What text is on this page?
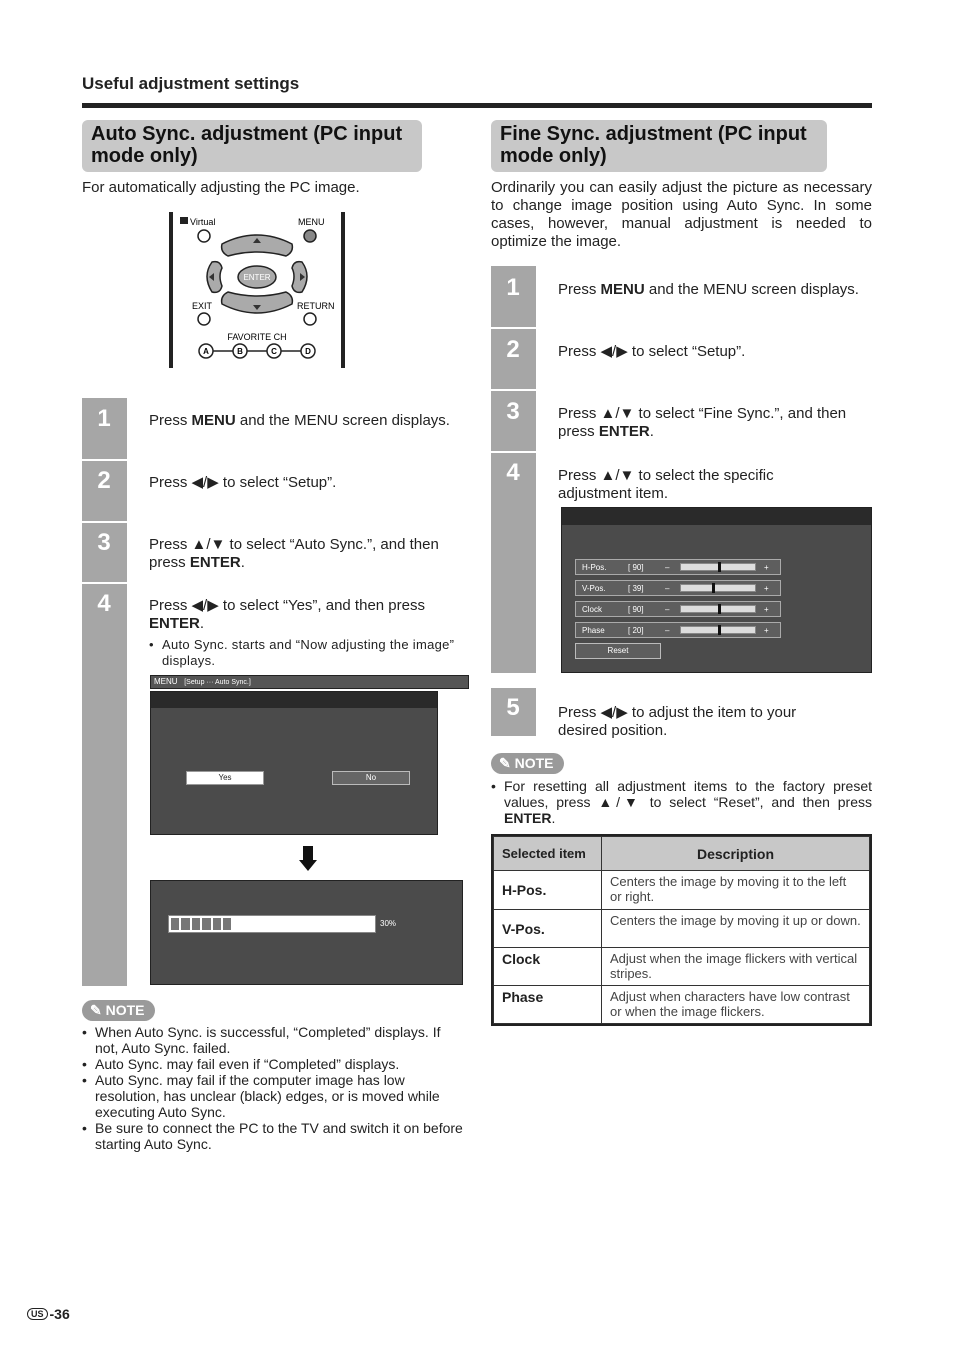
Useful adjustment settings
Auto Sync. adjustment (PC input mode only)
For automatically adjusting the PC image.
Virtual	MENU
ENTER
EXIT	RETURN
FAVORITE CH
A	B	C	D
1
2
3
4
Press MENU and the MENU screen displays.
Press ◀/▶ to select “Setup”.
Press ▲/▼ to select “Auto Sync.”, and then press ENTER.
Press ◀/▶ to select “Yes”, and then press ENTER.
• Auto Sync. starts and “Now adjusting the image” displays.
MENU [Setup ··· Auto Sync.]
Yes	No
30%
✎ NOTE
• When Auto Sync. is successful, “Completed” displays. If not, Auto Sync. failed.
• Auto Sync. may fail even if “Completed” displays.
• Auto Sync. may fail if the computer image has low resolution, has unclear (black) edges, or is moved while executing Auto Sync.
• Be sure to connect the PC to the TV and switch it on before starting Auto Sync.
Fine Sync. adjustment (PC input mode only)
Ordinarily you can easily adjust the picture as necessary to change image position using Auto Sync. In some cases, however, manual adjustment is needed to optimize the image.
1
2
3
4
5
Press MENU and the MENU screen displays.
Press ◀/▶ to select “Setup”.
Press ▲/▼ to select “Fine Sync.”, and then press ENTER.
Press ▲/▼ to select the specific adjustment item.
H-Pos.	[ 90]	–	+
V-Pos.	[ 39]	–	+
Clock	[ 90]	–	+
Phase	[ 20]	–	+
Reset
Press ◀/▶ to adjust the item to your desired position.
✎ NOTE
• For resetting all adjustment items to the factory preset values, press ▲/▼ to select “Reset”, and then press ENTER.
Selected item	Description
H-Pos.	Centers the image by moving it to the left or right.
V-Pos.	Centers the image by moving it up or down.
Clock	Adjust when the image flickers with vertical stripes.
Phase	Adjust when characters have low contrast or when the image flickers.
US -36
